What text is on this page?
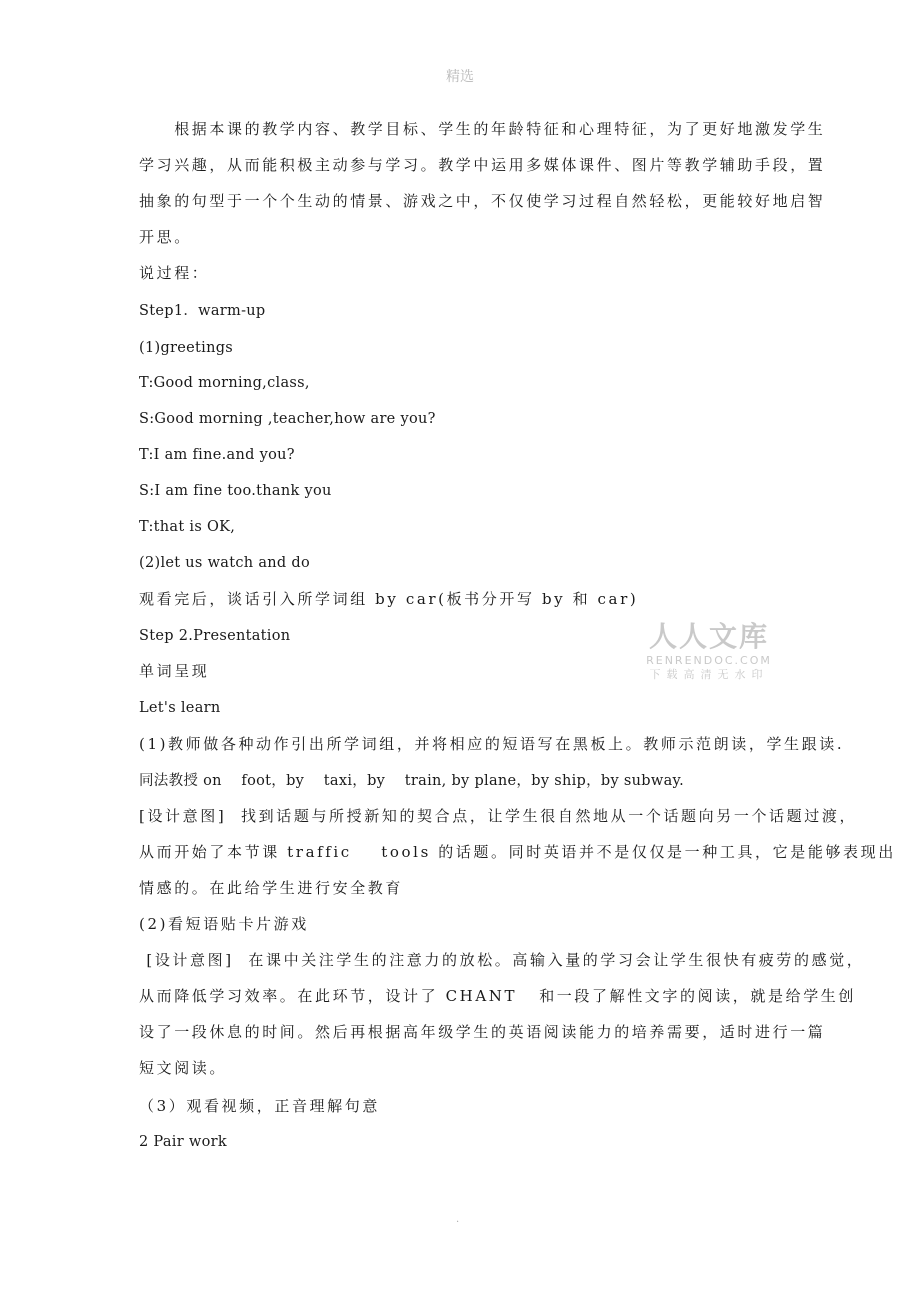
精选
　　根据本课的教学内容、教学目标、学生的年龄特征和心理特征，为了更好地激发学生
学习兴趣，从而能积极主动参与学习。教学中运用多媒体课件、图片等教学辅助手段，置
抽象的句型于一个个生动的情景、游戏之中，不仅使学习过程自然轻松，更能较好地启智
开思。
说过程：
Step1．warm-up
(1)greetings
T:Good morning,class,
S:Good morning ,teacher,how are you?
T:I am fine.and you?
S:I am fine too.thank you
T:that is OK,
(2)let us watch and do
观看完后，谈话引入所学词组 by car(板书分开写 by 和 car)
Step 2.Presentation
单词呈现
Let's learn
(1)教师做各种动作引出所学词组，并将相应的短语写在黑板上。教师示范朗读，学生跟读.
同法教授 on    foot，by    taxi，by    train, by plane，by ship，by subway.
[设计意图]  找到话题与所授新知的契合点，让学生很自然地从一个话题向另一个话题过渡，
从而开始了本节课 traffic    tools 的话题。同时英语并不是仅仅是一种工具，它是能够表现出
情感的。在此给学生进行安全教育
(2)看短语贴卡片游戏
[设计意图]  在课中关注学生的注意力的放松。高输入量的学习会让学生很快有疲劳的感觉，
从而降低学习效率。在此环节，设计了 CHANT   和一段了解性文字的阅读，就是给学生创
设了一段休息的时间。然后再根据高年级学生的英语阅读能力的培养需要，适时进行一篇
短文阅读。
（3）观看视频，正音理解句意
2 Pair work
人人文库
RENRENDOC.COM
下载高清无水印
.
